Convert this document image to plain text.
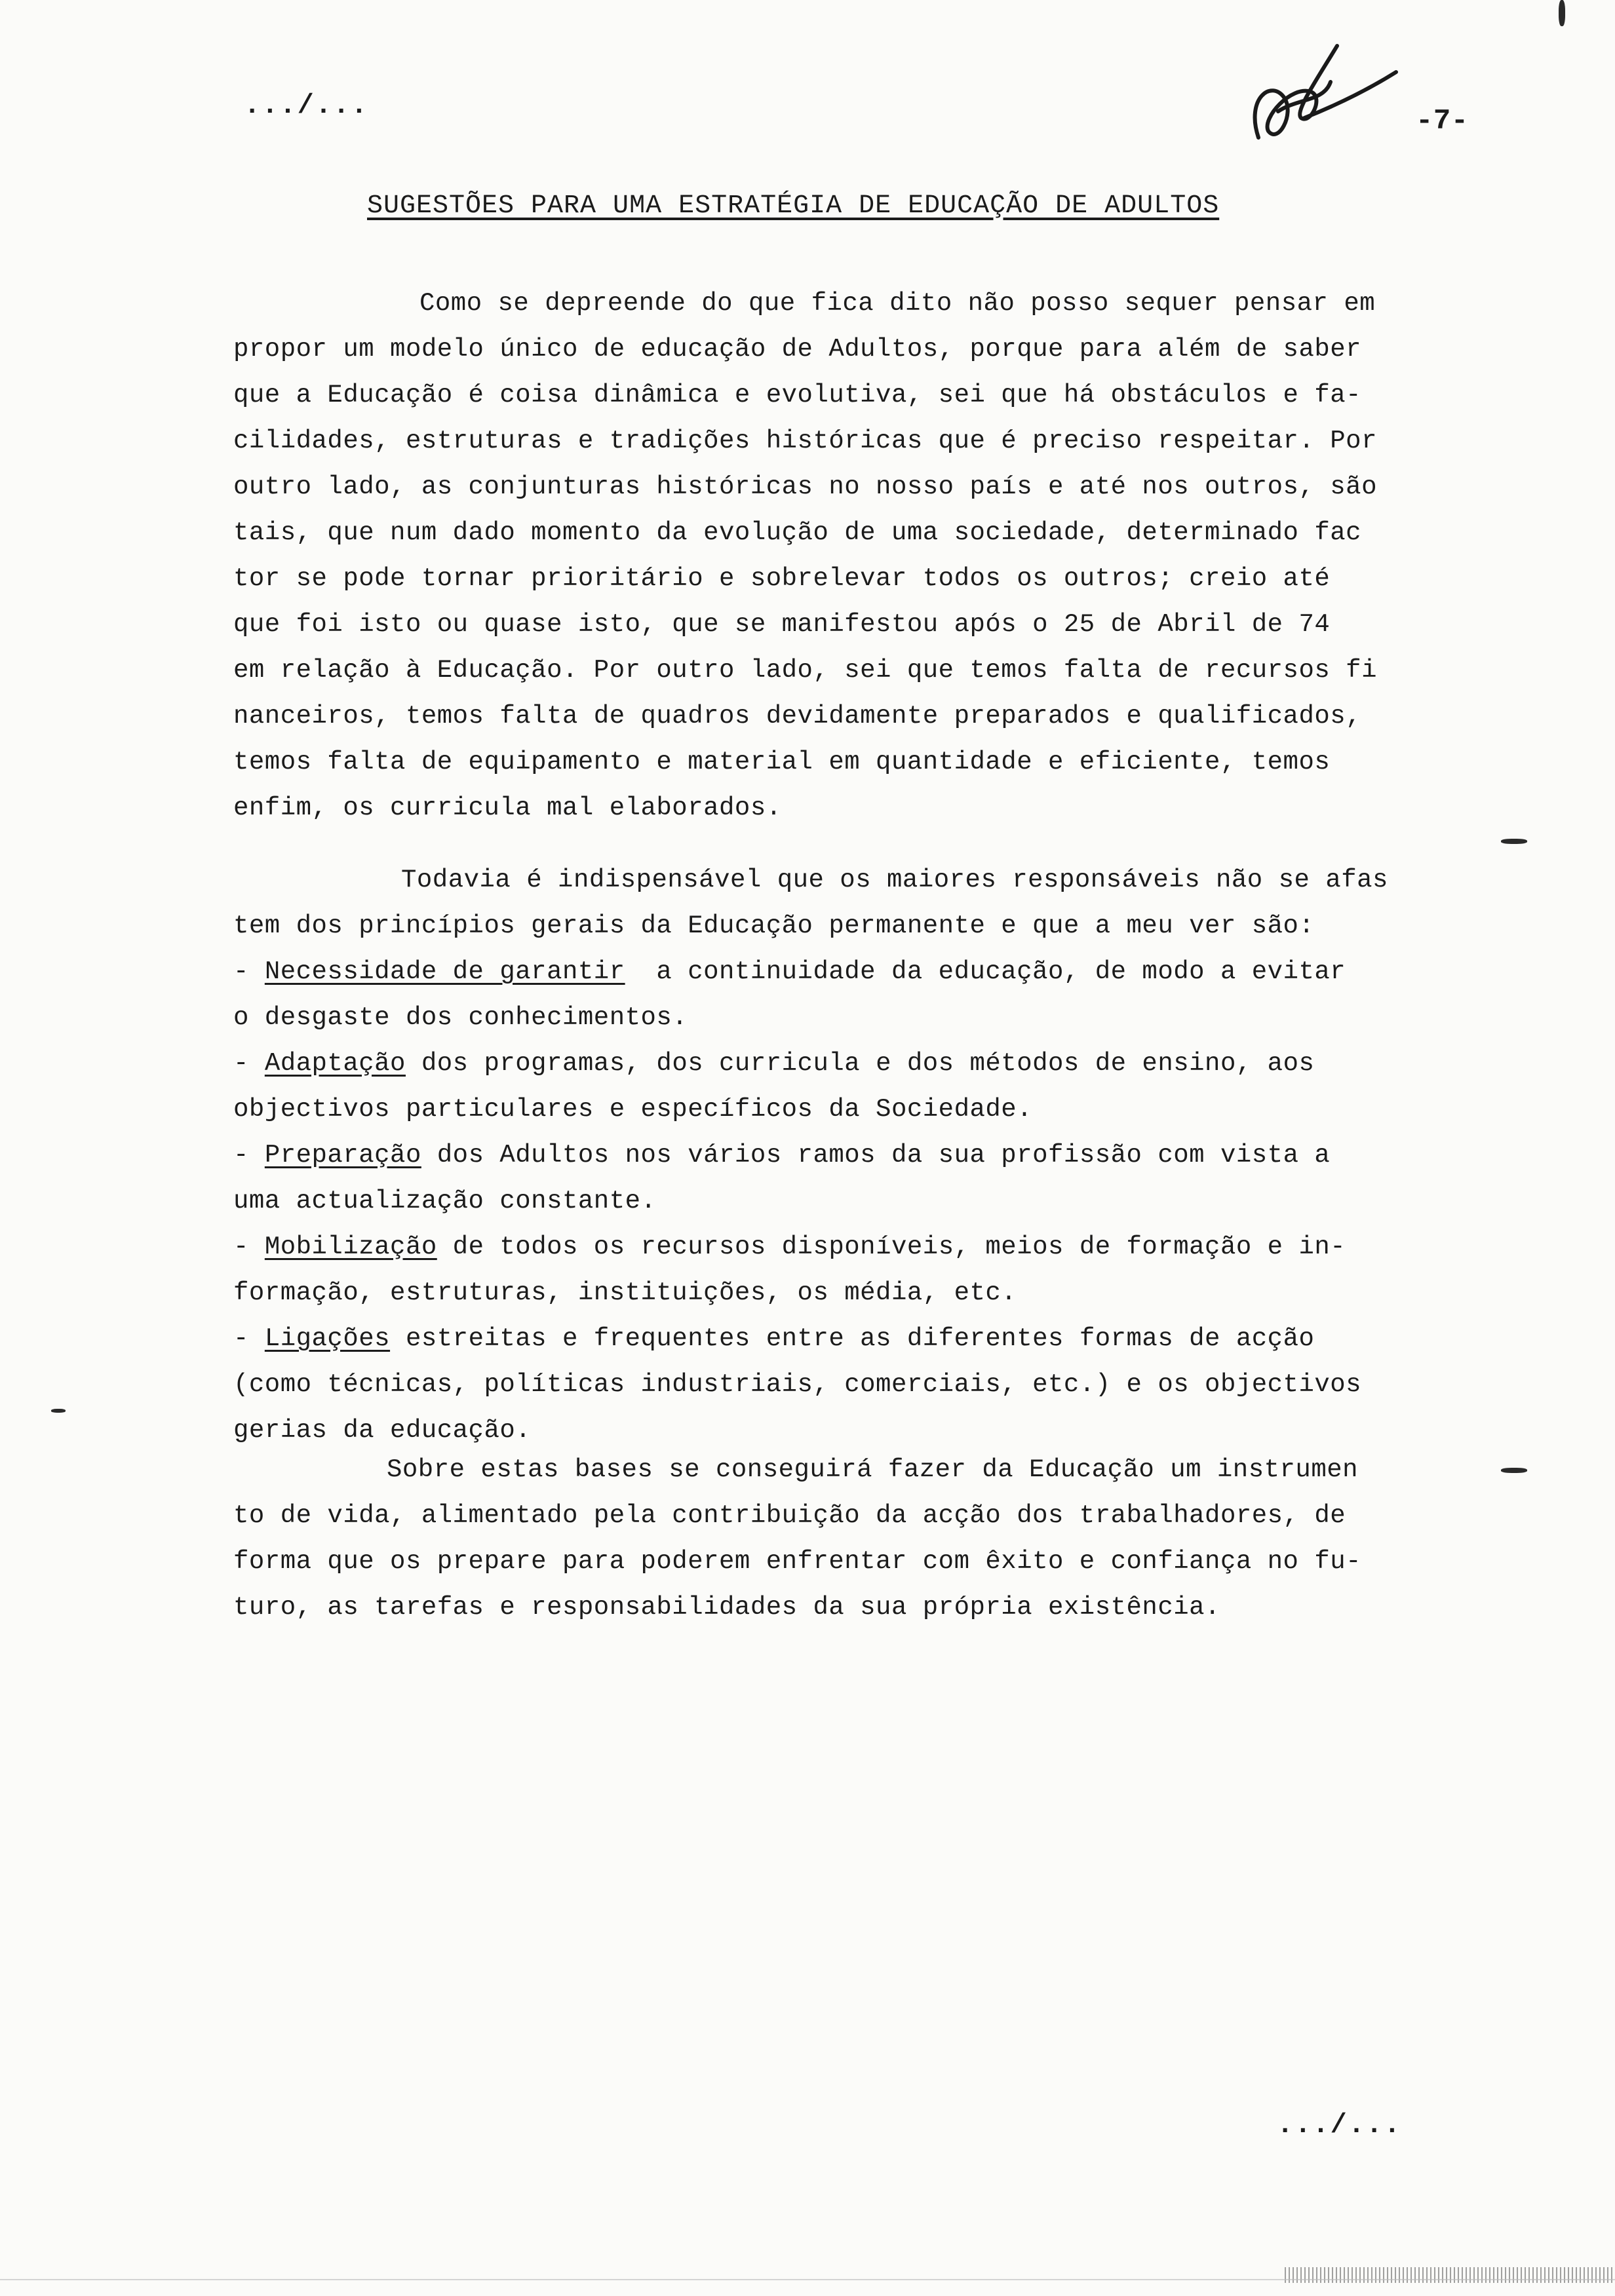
.../...	-7-
SUGESTÕES PARA UMA ESTRATÉGIA DE EDUCAÇÃO DE ADULTOS
Como se depreende do que fica dito não posso sequer pensar em
propor um modelo único de educação de Adultos, porque para além de saber
que a Educação é coisa dinâmica e evolutiva, sei que há obstáculos e fa-
cilidades, estruturas e tradições históricas que é preciso respeitar. Por
outro lado, as conjunturas históricas no nosso país e até nos outros, são
tais, que num dado momento da evolução de uma sociedade, determinado fac
tor se pode tornar prioritário e sobrelevar todos os outros; creio até
que foi isto ou quase isto, que se manifestou após o 25 de Abril de 74
em relação à Educação. Por outro lado, sei que temos falta de recursos fi
nanceiros, temos falta de quadros devidamente preparados e qualificados,
temos falta de equipamento e material em quantidade e eficiente, temos
enfim, os curricula mal elaborados.
Todavia é indispensável que os maiores responsáveis não se afas
tem dos princípios gerais da Educação permanente e que a meu ver são:
- Necessidade de garantir  a continuidade da educação, de modo a evitar
o desgaste dos conhecimentos.
- Adaptação dos programas, dos curricula e dos métodos de ensino, aos
objectivos particulares e específicos da Sociedade.
- Preparação dos Adultos nos vários ramos da sua profissão com vista a
uma actualização constante.
- Mobilização de todos os recursos disponíveis, meios de formação e in-
formação, estruturas, instituições, os média, etc.
- Ligações estreitas e frequentes entre as diferentes formas de acção
(como técnicas, políticas industriais, comerciais, etc.) e os objectivos
gerias da educação.
Sobre estas bases se conseguirá fazer da Educação um instrumen
to de vida, alimentado pela contribuição da acção dos trabalhadores, de
forma que os prepare para poderem enfrentar com êxito e confiança no fu-
turo, as tarefas e responsabilidades da sua própria existência.
.../...
